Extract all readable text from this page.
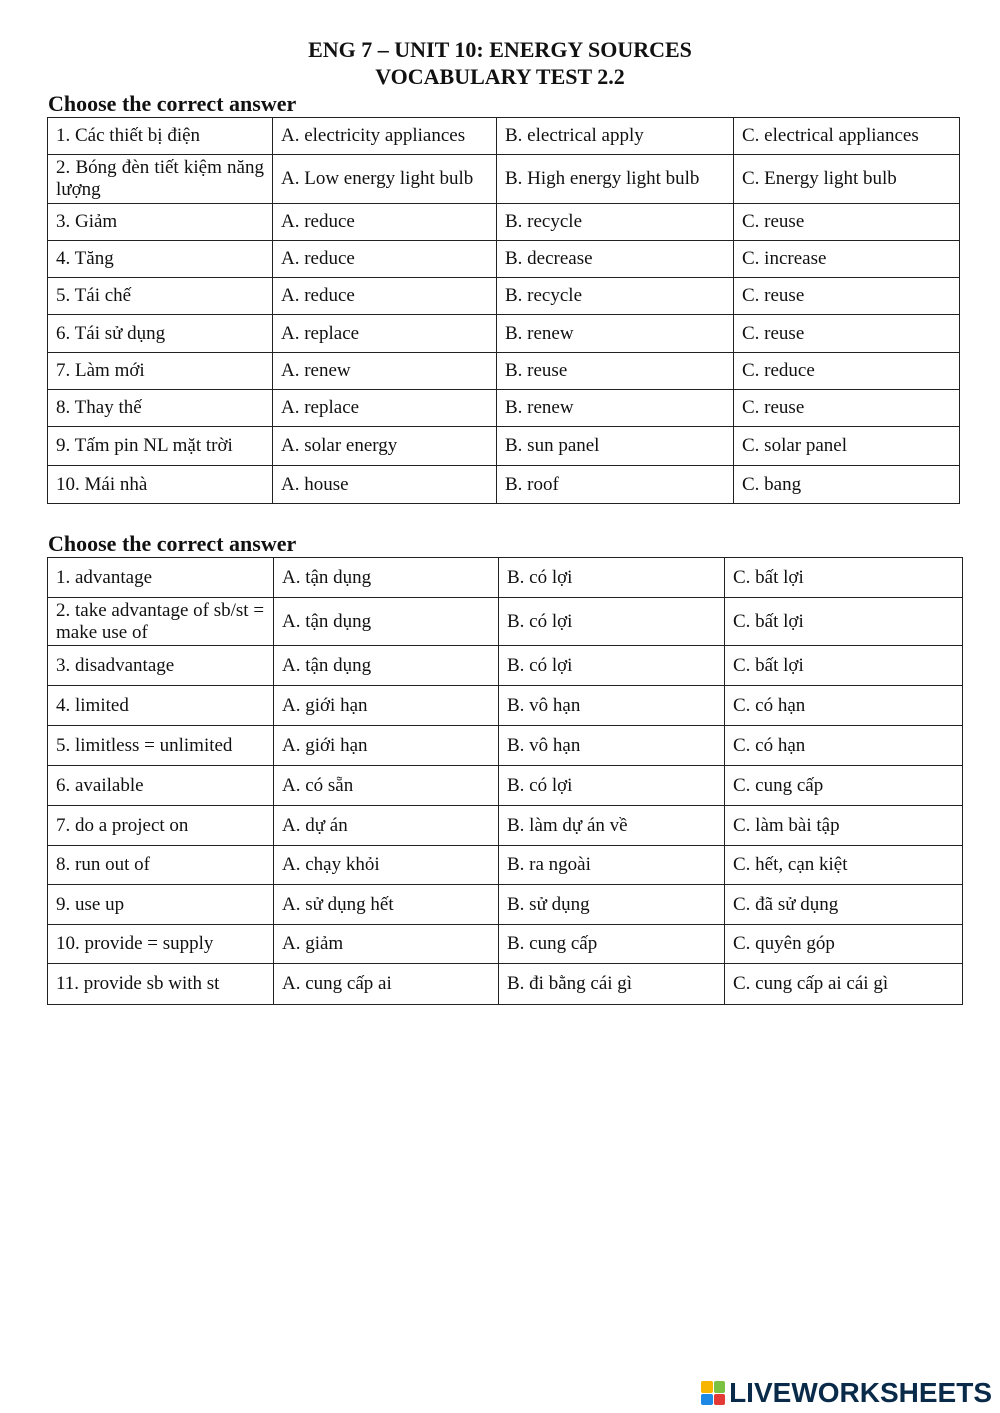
ENG 7 – UNIT 10: ENERGY SOURCES
VOCABULARY TEST 2.2
Choose the correct answer
1. Các thiết bị điện	A. electricity appliances	B. electrical apply	C. electrical appliances
2. Bóng đèn tiết kiệm năng lượng	A. Low energy light bulb	B. High energy light bulb	C. Energy light bulb
3. Giảm	A. reduce	B. recycle	C. reuse
4. Tăng	A. reduce	B. decrease	C. increase
5. Tái chế	A. reduce	B. recycle	C. reuse
6. Tái sử dụng	A. replace	B. renew	C. reuse
7. Làm mới	A. renew	B. reuse	C. reduce
8. Thay thế	A. replace	B. renew	C. reuse
9. Tấm pin NL mặt trời	A. solar energy	B. sun panel	C. solar panel
10. Mái nhà	A. house	B. roof	C. bang
Choose the correct answer
1. advantage	A. tận dụng	B. có lợi	C. bất lợi
2. take advantage of sb/st = make use of	A. tận dụng	B. có lợi	C. bất lợi
3. disadvantage	A. tận dụng	B. có lợi	C. bất lợi
4. limited	A. giới hạn	B. vô hạn	C. có hạn
5. limitless = unlimited	A. giới hạn	B. vô hạn	C. có hạn
6. available	A. có sẵn	B. có lợi	C. cung cấp
7. do a project on	A. dự án	B. làm dự án về	C. làm bài tập
8. run out of	A. chạy khỏi	B. ra ngoài	C. hết, cạn kiệt
9. use up	A. sử dụng hết	B. sử dụng	C. đã sử dụng
10. provide = supply	A. giảm	B. cung cấp	C. quyên góp
11. provide sb with st	A. cung cấp ai	B. đi bằng cái gì	C. cung cấp ai cái gì
LIVEWORKSHEETS
